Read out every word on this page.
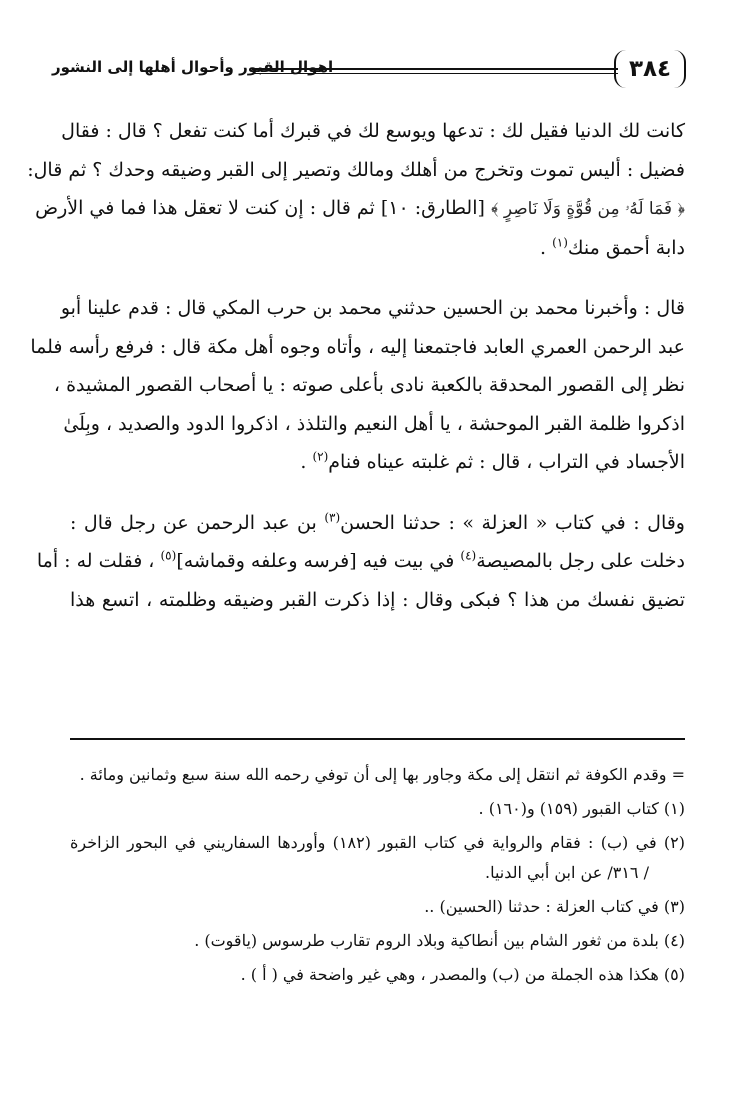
٣٨٤
اهوال القبور وأحوال أهلها إلى النشور

كانت لك الدنيا فقيل لك : تدعها ويوسع لك في قبرك أما كنت تفعل ؟ قال : فقال
فضيل : أليس تموت وتخرج من أهلك ومالك وتصير إلى القبر وضيقه وحدك ؟ ثم قال:
﴿ فَمَا لَهُۥ مِن قُوَّةٍ وَلَا نَاصِرٍ ﴾ [الطارق: ١٠] ثم قال : إن كنت لا تعقل هذا فما في الأرض
دابة أحمق منك$^{(١)}$ .

قال : وأخبرنا محمد بن الحسين حدثني محمد بن حرب المكي قال : قدم علينا أبو
عبد الرحمن العمري العابد فاجتمعنا إليه ، وأتاه وجوه أهل مكة قال : فرفع رأسه فلما
نظر إلى القصور المحدقة بالكعبة نادى بأعلى صوته : يا أصحاب القصور المشيدة ،
اذكروا ظلمة القبر الموحشة ، يا أهل النعيم والتلذذ ، اذكروا الدود والصديد ، وبِلَىٰ
الأجساد في التراب ، قال : ثم غلبته عيناه فنام$^{(٢)}$ .

وقال : في كتاب « العزلة » : حدثنا الحسن$^{(٣)}$ بن عبد الرحمن عن رجل قال :
دخلت على رجل بالمصيصة$^{(٤)}$ في بيت فيه [فرسه وعلفه وقماشه]$^{(٥)}$ ، فقلت له : أما
تضيق نفسك من هذا ؟ فبكى وقال : إذا ذكرت القبر وضيقه وظلمته ، اتسع هذا

= وقدم الكوفة ثم انتقل إلى مكة وجاور بها إلى أن توفي رحمه الله سنة سبع وثمانين ومائة .

(١) كتاب القبور (١٥٩) و(١٦٠) .

(٢) في (ب) : فقام والرواية في كتاب القبور (١٨٢) وأوردها السفاريني في البحور الزاخرة
/ ٣١٦/ عن ابن أبي الدنيا.

(٣) في كتاب العزلة : حدثنا (الحسين) ..

(٤) بلدة من ثغور الشام بين أنطاكية وبلاد الروم تقارب طرسوس (ياقوت) .

(٥) هكذا هذه الجملة من (ب) والمصدر ، وهي غير واضحة في ( أ ) .
